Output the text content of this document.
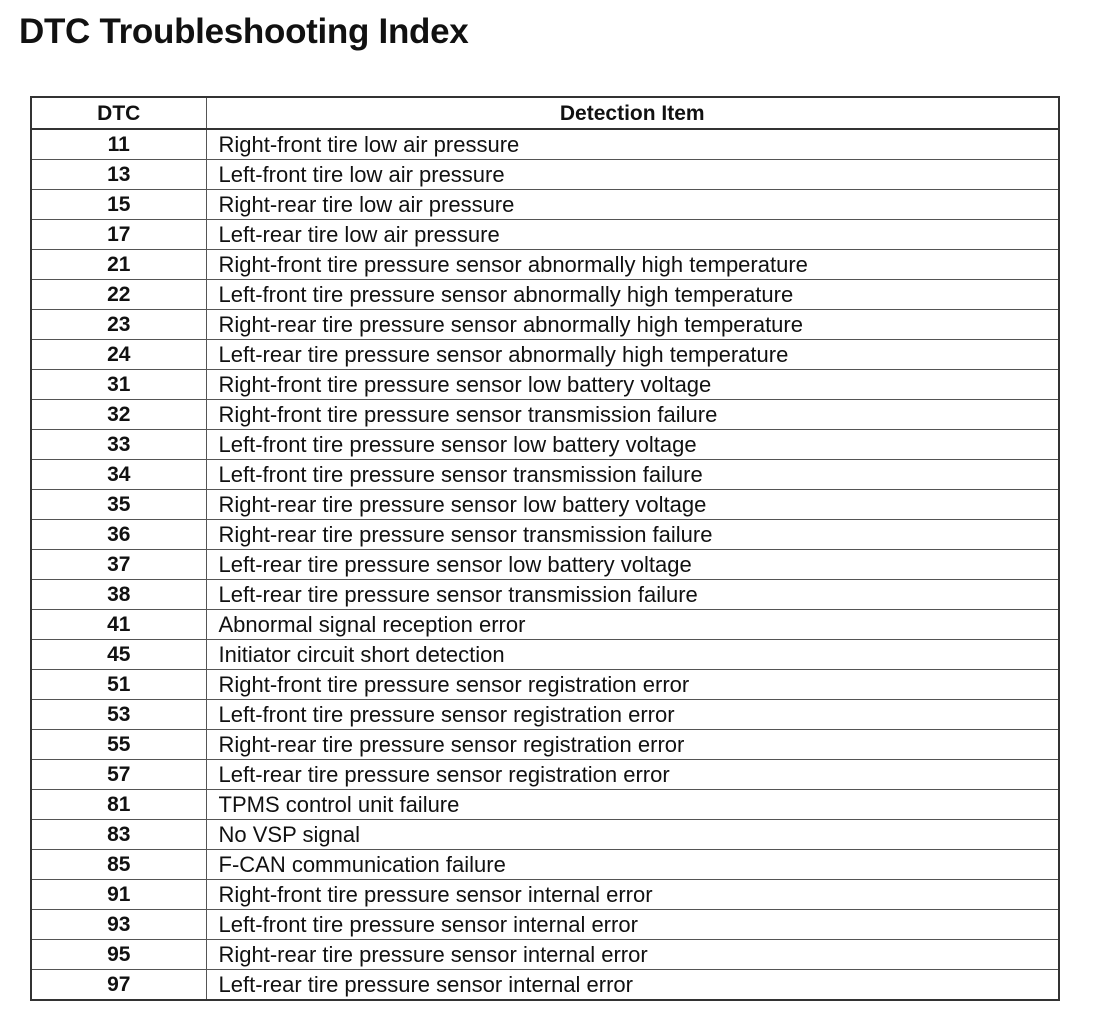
DTC Troubleshooting Index
DTC	Detection Item
11	Right-front tire low air pressure
13	Left-front tire low air pressure
15	Right-rear tire low air pressure
17	Left-rear tire low air pressure
21	Right-front tire pressure sensor abnormally high temperature
22	Left-front tire pressure sensor abnormally high temperature
23	Right-rear tire pressure sensor abnormally high temperature
24	Left-rear tire pressure sensor abnormally high temperature
31	Right-front tire pressure sensor low battery voltage
32	Right-front tire pressure sensor transmission failure
33	Left-front tire pressure sensor low battery voltage
34	Left-front tire pressure sensor transmission failure
35	Right-rear tire pressure sensor low battery voltage
36	Right-rear tire pressure sensor transmission failure
37	Left-rear tire pressure sensor low battery voltage
38	Left-rear tire pressure sensor transmission failure
41	Abnormal signal reception error
45	Initiator circuit short detection
51	Right-front tire pressure sensor registration error
53	Left-front tire pressure sensor registration error
55	Right-rear tire pressure sensor registration error
57	Left-rear tire pressure sensor registration error
81	TPMS control unit failure
83	No VSP signal
85	F-CAN communication failure
91	Right-front tire pressure sensor internal error
93	Left-front tire pressure sensor internal error
95	Right-rear tire pressure sensor internal error
97	Left-rear tire pressure sensor internal error
